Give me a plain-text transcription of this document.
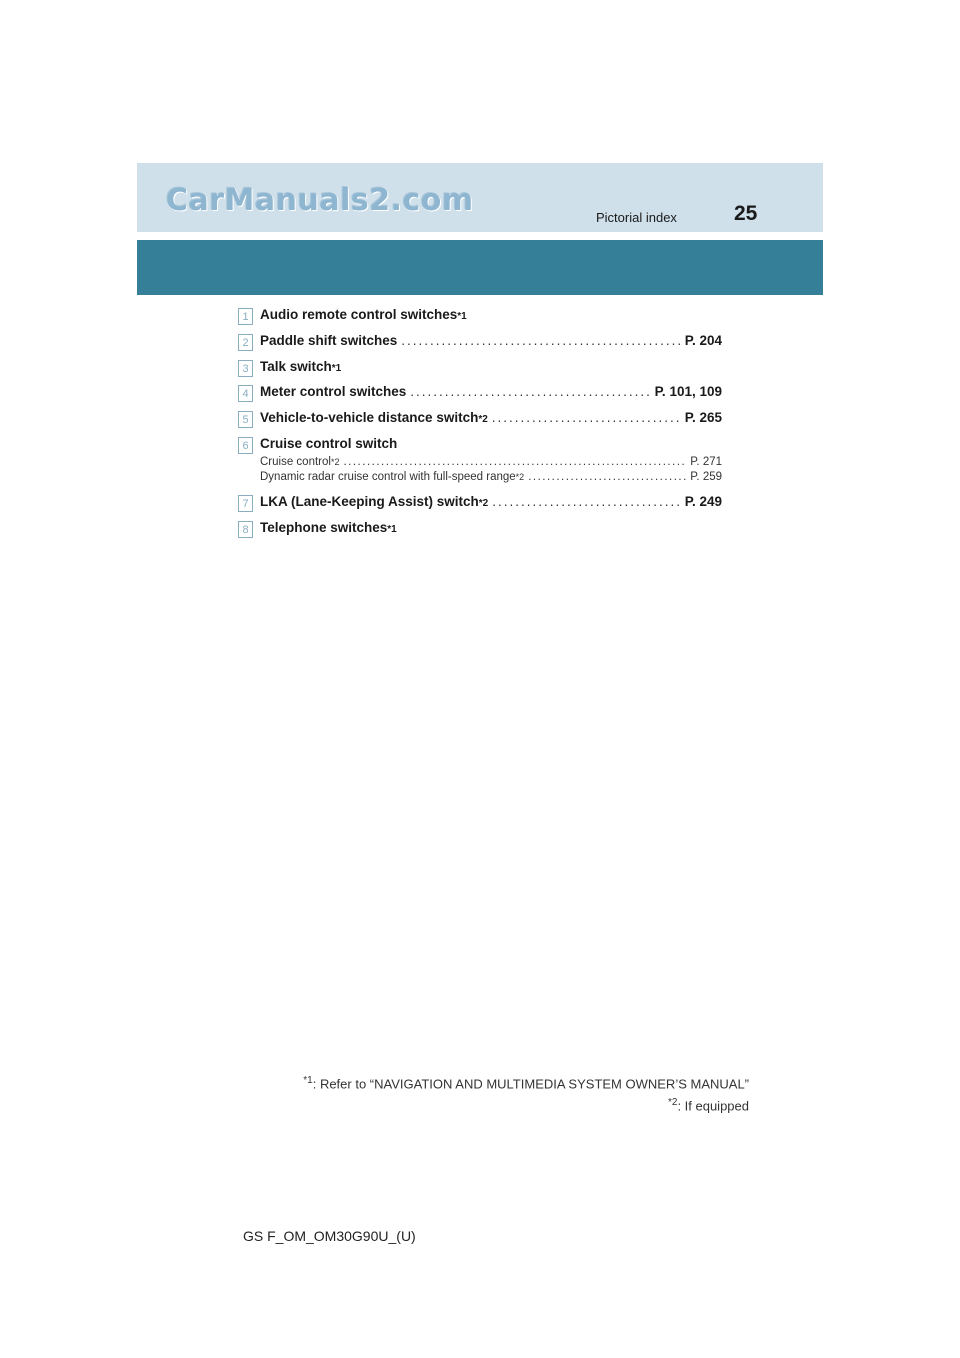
CarManuals2.com	Pictorial index	25
1 Audio remote control switches *1
2 Paddle shift switches .....	P. 204
3 Talk switch *1
4 Meter control switches .....	P. 101, 109
5 Vehicle-to-vehicle distance switch *2 .....	P. 265
6 Cruise control switch
Cruise control *2 .....	P. 271
Dynamic radar cruise control with full-speed range *2 .....	P. 259
7 LKA (Lane-Keeping Assist) switch *2 .....	P. 249
8 Telephone switches *1
$^{*1}$: Refer to “NAVIGATION AND MULTIMEDIA SYSTEM OWNER’S MANUAL”
$^{*2}$: If equipped
GS F_OM_OM30G90U_(U)
